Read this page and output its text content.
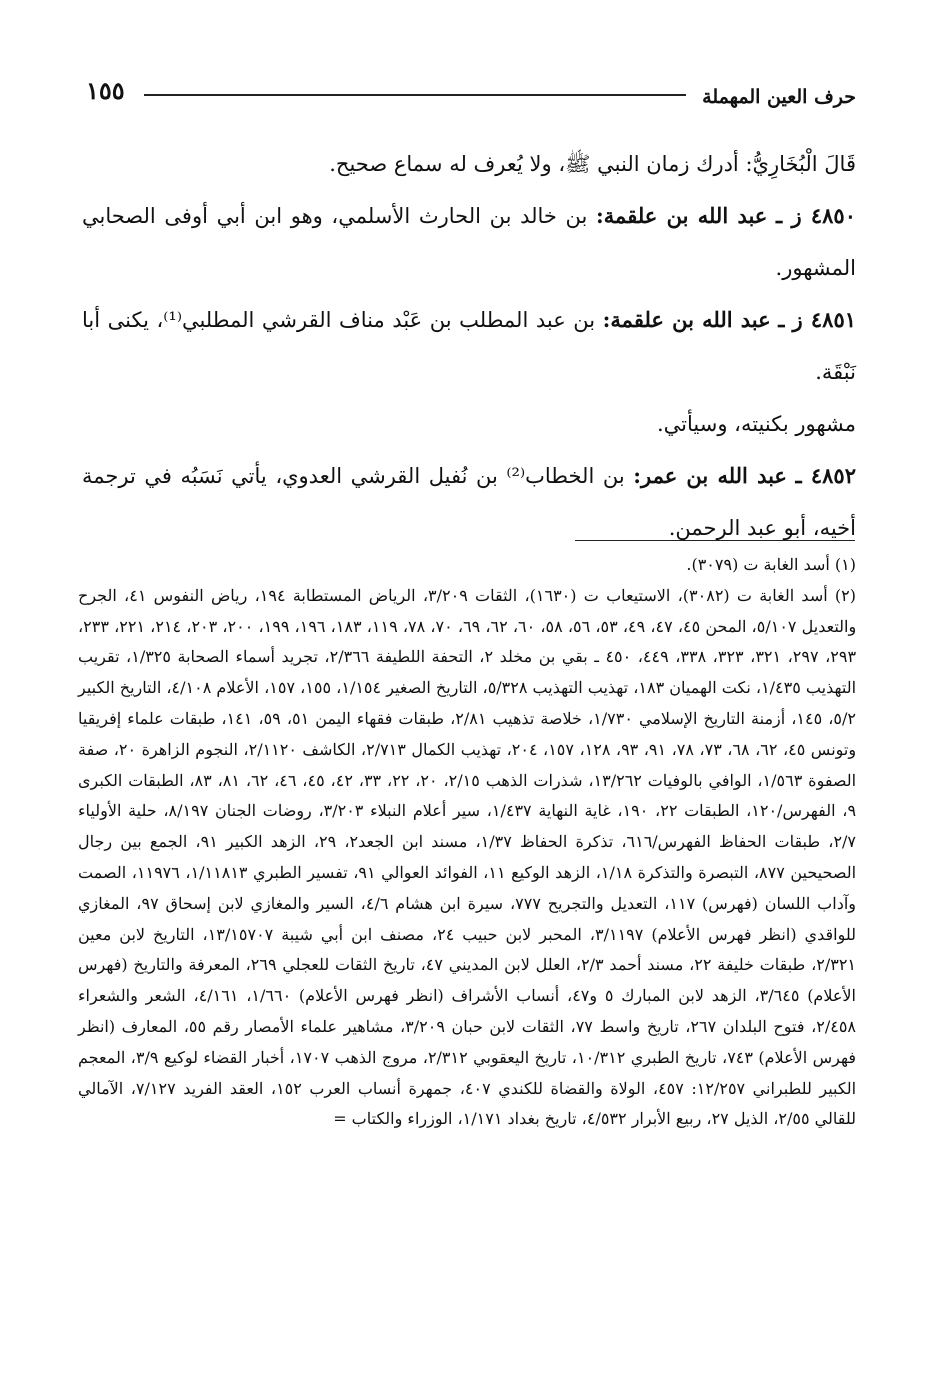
حرف العين المهملة
١٥٥

قَالَ الْبُخَارِيُّ: أدرك زمان النبي ﷺ، ولا يُعرف له سماع صحيح.

٤٨٥٠ ز ـ عبد الله بن علقمة: بن خالد بن الحارث الأسلمي، وهو ابن أبي أوفى الصحابي المشهور.

٤٨٥١ ز ـ عبد الله بن علقمة: بن عبد المطلب بن عَبْد مناف القرشي المطلبي⁽¹⁾، يكنى أبا نَبْقَة.

مشهور بكنيته، وسيأتي.

٤٨٥٢ ـ عبد الله بن عمر: بن الخطاب⁽²⁾ بن نُفيل القرشي العدوي، يأتي نَسَبُه في ترجمة أخيه، أبو عبد الرحمن.

(١) أسد الغابة ت (٣٠٧٩).

(٢) أسد الغابة ت (٣٠٨٢)، الاستيعاب ت (١٦٣٠)، الثقات ٣/٢٠٩، الرياض المستطابة ١٩٤، رياض النفوس ٤١، الجرح والتعديل ٥/١٠٧، المحن ٤٥، ٤٧، ٤٩، ٥٣، ٥٦، ٥٨، ٦٠، ٦٢، ٦٩، ٧٠، ٧٨، ١١٩، ١٨٣، ١٩٦، ١٩٩، ٢٠٠، ٢٠٣، ٢١٤، ٢٢١، ٢٣٣، ٢٩٣، ٢٩٧، ٣٢١، ٣٢٣، ٣٣٨، ٤٤٩، ٤٥٠ ـ بقي بن مخلد ٢، التحفة اللطيفة ٢/٣٦٦، تجريد أسماء الصحابة ١/٣٢٥، تقريب التهذيب ١/٤٣٥، نكت الهميان ١٨٣، تهذيب التهذيب ٥/٣٢٨، التاريخ الصغير ١/١٥٤، ١٥٥، ١٥٧، الأعلام ٤/١٠٨، التاريخ الكبير ٥/٢، ١٤٥، أزمنة التاريخ الإسلامي ١/٧٣٠، خلاصة تذهيب ٢/٨١، طبقات فقهاء اليمن ٥١، ٥٩، ١٤١، طبقات علماء إفريقيا وتونس ٤٥، ٦٢، ٦٨، ٧٣، ٧٨، ٩١، ٩٣، ١٢٨، ١٥٧، ٢٠٤، تهذيب الكمال ٢/٧١٣، الكاشف ٢/١١٢٠، النجوم الزاهرة ٢٠، صفة الصفوة ١/٥٦٣، الوافي بالوفيات ١٣/٢٦٢، شذرات الذهب ٢/١٥، ٢٠، ٢٢، ٣٣، ٤٢، ٤٥، ٤٦، ٦٢، ٨١، ٨٣، الطبقات الكبرى ٩، الفهرس/١٢٠، الطبقات ٢٢، ١٩٠، غاية النهاية ١/٤٣٧، سير أعلام النبلاء ٣/٢٠٣، روضات الجنان ٨/١٩٧، حلية الأولياء ٢/٧، طبقات الحفاظ الفهرس/٦١٦، تذكرة الحفاظ ١/٣٧، مسند ابن الجعد٢، ٢٩، الزهد الكبير ٩١، الجمع بين رجال الصحيحين ٨٧٧، التبصرة والتذكرة ١/١٨، الزهد الوكيع ١١، الفوائد العوالي ٩١، تفسير الطبري ١/١١٨١٣، ١١٩٧٦، الصمت وآداب اللسان (فهرس) ١١٧، التعديل والتجريح ٧٧٧، سيرة ابن هشام ٤/٦، السير والمغازي لابن إسحاق ٩٧، المغازي للواقدي (انظر فهرس الأعلام) ٣/١١٩٧، المحبر لابن حبيب ٢٤، مصنف ابن أبي شيبة ١٣/١٥٧٠٧، التاريخ لابن معين ٢/٣٢١، طبقات خليفة ٢٢، مسند أحمد ٢/٣، العلل لابن المديني ٤٧، تاريخ الثقات للعجلي ٢٦٩، المعرفة والتاريخ (فهرس الأعلام) ٣/٦٤٥، الزهد لابن المبارك ٥ و٤٧، أنساب الأشراف (انظر فهرس الأعلام) ١/٦٦٠، ٤/١٦١، الشعر والشعراء ٢/٤٥٨، فتوح البلدان ٢٦٧، تاريخ واسط ٧٧، الثقات لابن حبان ٣/٢٠٩، مشاهير علماء الأمصار رقم ٥٥، المعارف (انظر فهرس الأعلام) ٧٤٣، تاريخ الطبري ١٠/٣١٢، تاريخ اليعقوبي ٢/٣١٢، مروج الذهب ١٧٠٧، أخبار القضاء لوكيع ٣/٩، المعجم الكبير للطبراني ١٢/٢٥٧: ٤٥٧، الولاة والقضاة للكندي ٤٠٧، جمهرة أنساب العرب ١٥٢، العقد الفريد ٧/١٢٧، الآمالي للقالي ٢/٥٥، الذيل ٢٧، ربيع الأبرار ٤/٥٣٢، تاريخ بغداد ١/١٧١، الوزراء والكتاب =
